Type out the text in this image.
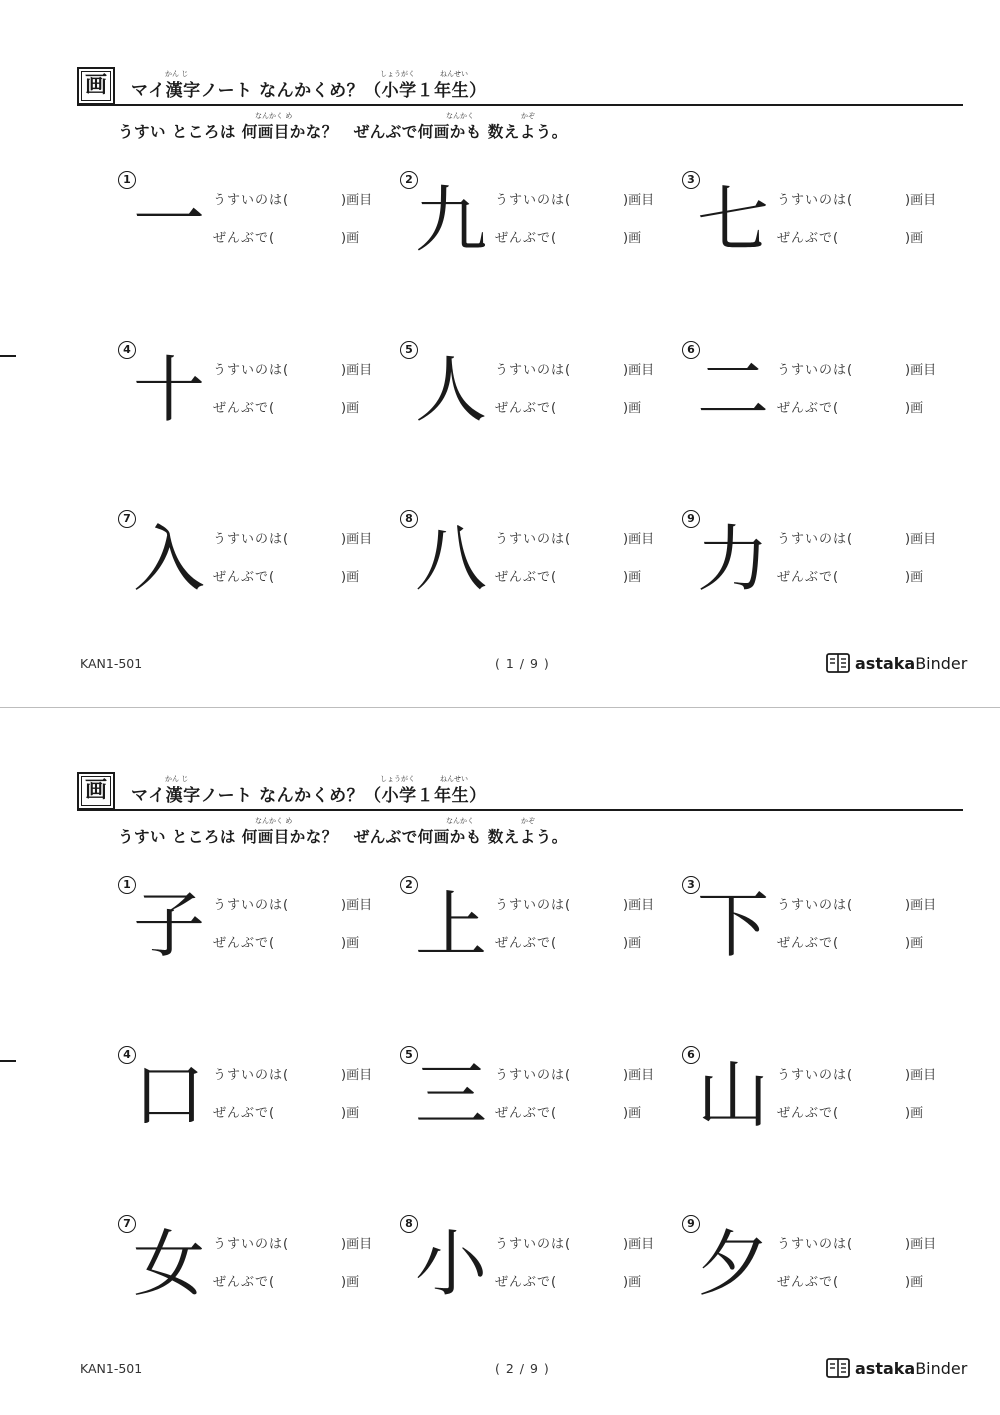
画	かん じ	しょうがく	ねんせい
マイ漢字ノート なんかくめ？（小学１年生）
なんかく め	なんかく	かぞ
うすい ところは 何画目かな？　ぜんぶで何画かも 数えよう。
1 一 うすいのは(	)画目
ぜんぶで(	)画
2 九 うすいのは(	)画目
ぜんぶで(	)画
3 七 うすいのは(	)画目
ぜんぶで(	)画
4 十 うすいのは(	)画目
ぜんぶで(	)画
5 人 うすいのは(	)画目
ぜんぶで(	)画
6 二 うすいのは(	)画目
ぜんぶで(	)画
7 入 うすいのは(	)画目
ぜんぶで(	)画
8 八 うすいのは(	)画目
ぜんぶで(	)画
9 力 うすいのは(	)画目
ぜんぶで(	)画
KAN1-501	( 1 / 9 )	astakaBinder
画	かん じ	しょうがく	ねんせい
マイ漢字ノート なんかくめ？（小学１年生）
なんかく め	なんかく	かぞ
うすい ところは 何画目かな？　ぜんぶで何画かも 数えよう。
1 子 うすいのは(	)画目
ぜんぶで(	)画
2 上 うすいのは(	)画目
ぜんぶで(	)画
3 下 うすいのは(	)画目
ぜんぶで(	)画
4 口 うすいのは(	)画目
ぜんぶで(	)画
5 三 うすいのは(	)画目
ぜんぶで(	)画
6 山 うすいのは(	)画目
ぜんぶで(	)画
7 女 うすいのは(	)画目
ぜんぶで(	)画
8 小 うすいのは(	)画目
ぜんぶで(	)画
9 夕 うすいのは(	)画目
ぜんぶで(	)画
KAN1-501	( 2 / 9 )	astakaBinder
